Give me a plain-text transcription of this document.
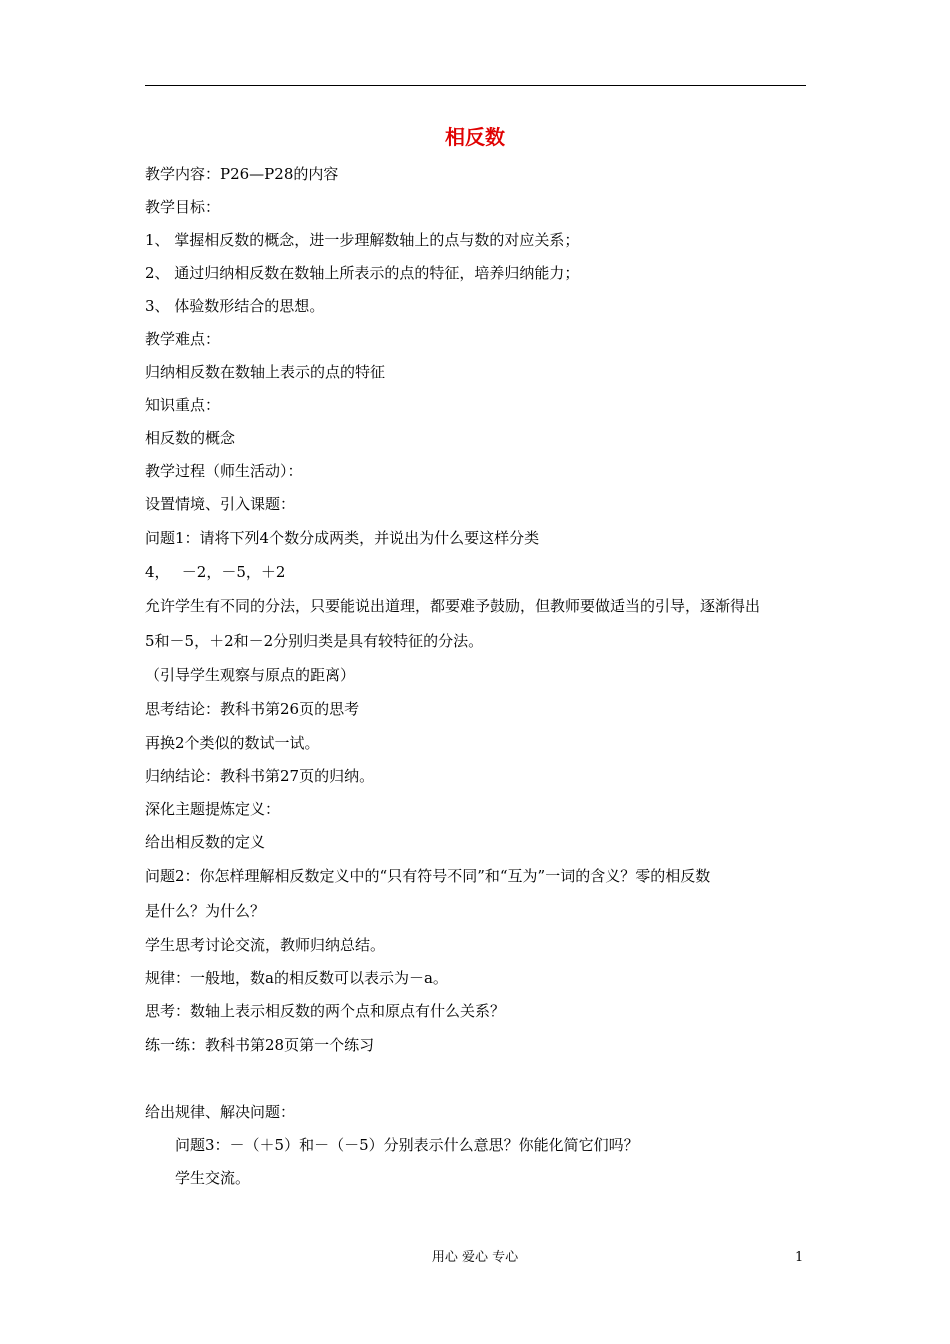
相反数
教学内容：P26—P28的内容
教学目标：
1、 掌握相反数的概念，进一步理解数轴上的点与数的对应关系；
2、 通过归纳相反数在数轴上所表示的点的特征，培养归纳能力；
3、 体验数形结合的思想。
教学难点：
归纳相反数在数轴上表示的点的特征
知识重点：
相反数的概念
教学过程（师生活动）：
设置情境、引入课题：
问题1：请将下列4个数分成两类，并说出为什么要这样分类
4，　 －2，－5，＋2
允许学生有不同的分法，只要能说出道理，都要难予鼓励，但教师要做适当的引导，逐渐得出
5和－5，＋2和－2分别归类是具有较特征的分法。
（引导学生观察与原点的距离）
思考结论：教科书第26页的思考
再换2个类似的数试一试。
归纳结论：教科书第27页的归纳。
深化主题提炼定义：
给出相反数的定义
问题2：你怎样理解相反数定义中的“只有符号不同”和“互为”一词的含义？零的相反数
是什么？为什么？
学生思考讨论交流，教师归纳总结。
规律：一般地，数a的相反数可以表示为－a。
思考：数轴上表示相反数的两个点和原点有什么关系？
练一练：教科书第28页第一个练习
给出规律、解决问题：
问题3：－（＋5）和－（－5）分别表示什么意思？你能化简它们吗？
学生交流。
用心 爱心 专心	1
